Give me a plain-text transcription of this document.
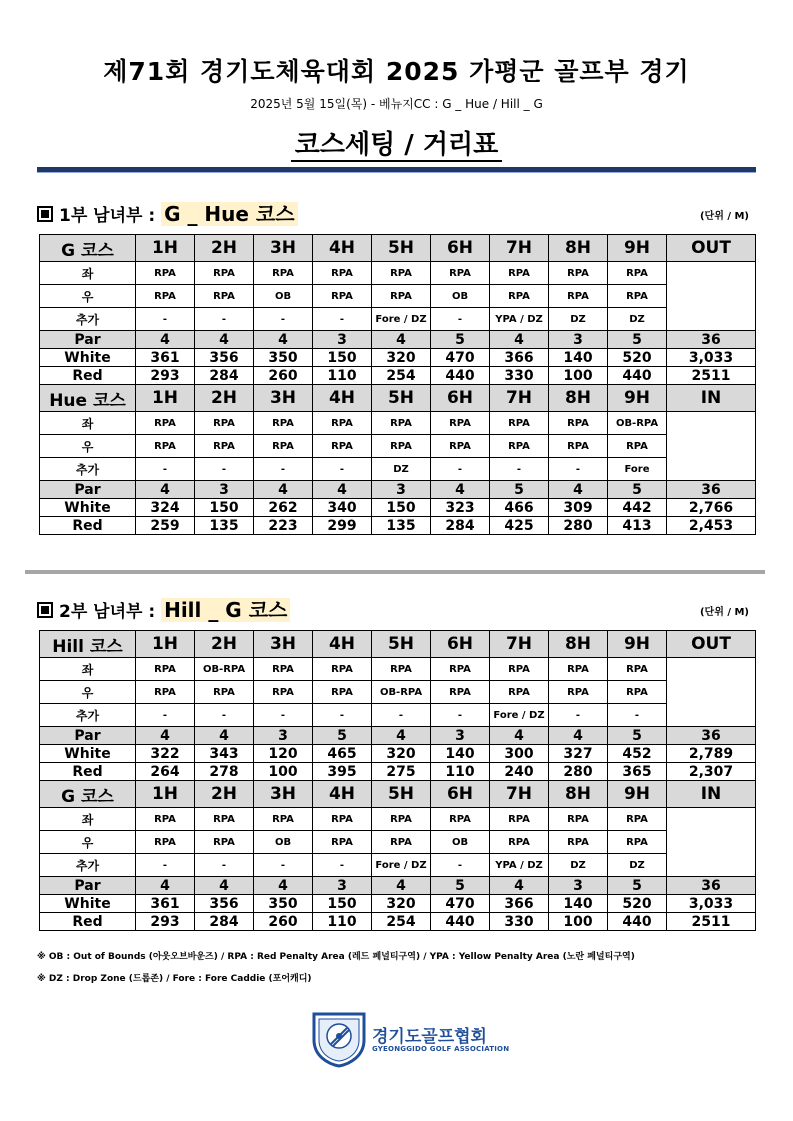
제71회 경기도체육대회 2025 가평군 골프부 경기
2025년 5월 15일(목) - 베뉴지CC : G _ Hue / Hill _ G
코스세팅 / 거리표
1부 남녀부 : G _ Hue 코스	(단위 / M)
G 코스	1H	2H	3H	4H	5H	6H	7H	8H	9H	OUT
좌	RPA	RPA	RPA	RPA	RPA	RPA	RPA	RPA	RPA	
우	RPA	RPA	OB	RPA	RPA	OB	RPA	RPA	RPA	
추가	-	-	-	-	Fore / DZ	-	YPA / DZ	DZ	DZ	
Par	4	4	4	3	4	5	4	3	5	36
White	361	356	350	150	320	470	366	140	520	3,033
Red	293	284	260	110	254	440	330	100	440	2511
Hue 코스	1H	2H	3H	4H	5H	6H	7H	8H	9H	IN
좌	RPA	RPA	RPA	RPA	RPA	RPA	RPA	RPA	OB-RPA	
우	RPA	RPA	RPA	RPA	RPA	RPA	RPA	RPA	RPA	
추가	-	-	-	-	DZ	-	-	-	Fore	
Par	4	3	4	4	3	4	5	4	5	36
White	324	150	262	340	150	323	466	309	442	2,766
Red	259	135	223	299	135	284	425	280	413	2,453
2부 남녀부 : Hill _ G 코스	(단위 / M)
Hill 코스	1H	2H	3H	4H	5H	6H	7H	8H	9H	OUT
좌	RPA	OB-RPA	RPA	RPA	RPA	RPA	RPA	RPA	RPA	
우	RPA	RPA	RPA	RPA	OB-RPA	RPA	RPA	RPA	RPA	
추가	-	-	-	-	-	-	Fore / DZ	-	-	
Par	4	4	3	5	4	3	4	4	5	36
White	322	343	120	465	320	140	300	327	452	2,789
Red	264	278	100	395	275	110	240	280	365	2,307
G 코스	1H	2H	3H	4H	5H	6H	7H	8H	9H	IN
좌	RPA	RPA	RPA	RPA	RPA	RPA	RPA	RPA	RPA	
우	RPA	RPA	OB	RPA	RPA	OB	RPA	RPA	RPA	
추가	-	-	-	-	Fore / DZ	-	YPA / DZ	DZ	DZ	
Par	4	4	4	3	4	5	4	3	5	36
White	361	356	350	150	320	470	366	140	520	3,033
Red	293	284	260	110	254	440	330	100	440	2511
※ OB : Out of Bounds (아웃오브바운즈) / RPA : Red Penalty Area (레드 페널티구역) / YPA : Yellow Penalty Area (노란 페널티구역)
※ DZ : Drop Zone (드롭존) / Fore : Fore Caddie (포어캐디)
경기도골프협회
GYEONGGIDO GOLF ASSOCIATION
